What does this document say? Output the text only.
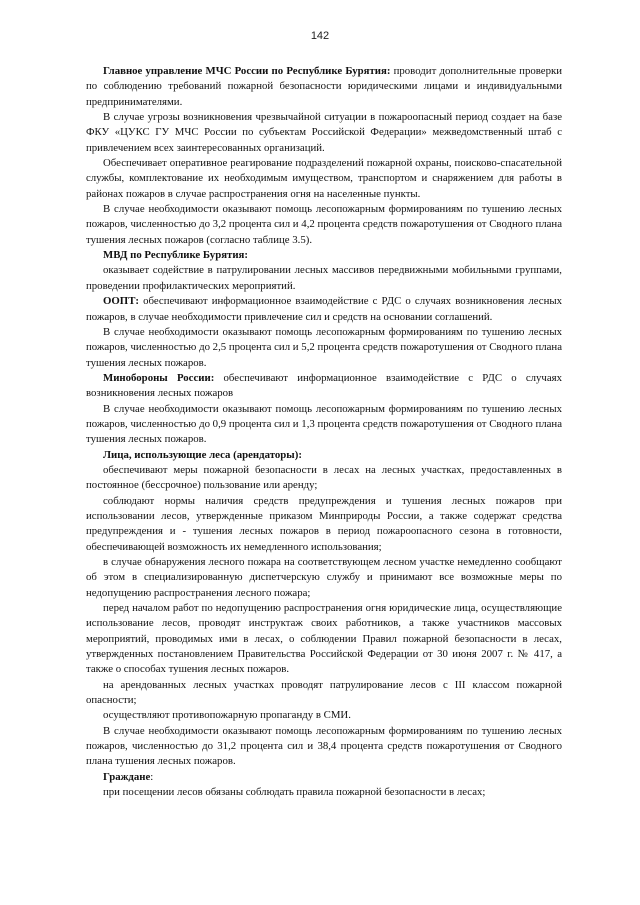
142

Главное управление МЧС России по Республике Бурятия: проводит дополнительные проверки по соблюдению требований пожарной безопасности юридическими лицами и индивидуальными предпринимателями.

В случае угрозы возникновения чрезвычайной ситуации в пожароопасный период создает на базе ФКУ «ЦУКС ГУ МЧС России по субъектам Российской Федерации» межведомственный штаб с привлечением всех заинтересованных организаций.

Обеспечивает оперативное реагирование подразделений пожарной охраны, поисково-спасательной службы, комплектование их необходимым имуществом, транспортом и снаряжением для работы в районах пожаров в случае распространения огня на населенные пункты.

В случае необходимости оказывают помощь лесопожарным формированиям по тушению лесных пожаров, численностью до 3,2 процента сил и 4,2 процента средств пожаротушения от Сводного плана тушения лесных пожаров (согласно таблице 3.5).

МВД по Республике Бурятия:

оказывает содействие в патрулировании лесных массивов передвижными мобильными группами, проведении профилактических мероприятий.

ООПТ: обеспечивают информационное взаимодействие с РДС о случаях возникновения лесных пожаров, в случае необходимости привлечение сил и средств на основании соглашений.

В случае необходимости оказывают помощь лесопожарным формированиям по тушению лесных пожаров, численностью до 2,5 процента сил и 5,2 процента средств пожаротушения от Сводного плана тушения лесных пожаров.

Минобороны России: обеспечивают информационное взаимодействие с РДС о случаях возникновения лесных пожаров

В случае необходимости оказывают помощь лесопожарным формированиям по тушению лесных пожаров, численностью до 0,9 процента сил и 1,3 процента средств пожаротушения от Сводного плана тушения лесных пожаров.

Лица, использующие леса (арендаторы):

обеспечивают меры пожарной безопасности в лесах на лесных участках, предоставленных в постоянное (бессрочное) пользование или аренду;

соблюдают нормы наличия средств предупреждения и тушения лесных пожаров при использовании лесов, утвержденные приказом Минприроды России, а также содержат средства предупреждения и - тушения лесных пожаров в период пожароопасного сезона в готовности, обеспечивающей возможность их немедленного использования;

в случае обнаружения лесного пожара на соответствующем лесном участке немедленно сообщают об этом в специализированную диспетчерскую службу и принимают все возможные меры по недопущению распространения лесного пожара;

перед началом работ по недопущению распространения огня юридические лица, осуществляющие использование лесов, проводят инструктаж своих работников, а также участников массовых мероприятий, проводимых ими в лесах, о соблюдении Правил пожарной безопасности в лесах, утвержденных постановлением Правительства Российской Федерации от 30 июня 2007 г. № 417, а также о способах тушения лесных пожаров.

на арендованных лесных участках проводят патрулирование лесов с III классом пожарной опасности;

осуществляют противопожарную пропаганду в СМИ.

В случае необходимости оказывают помощь лесопожарным формированиям по тушению лесных пожаров, численностью до 31,2 процента сил и 38,4 процента средств пожаротушения от Сводного плана тушения лесных пожаров.

Граждане:

при посещении лесов обязаны соблюдать правила пожарной безопасности в лесах;
